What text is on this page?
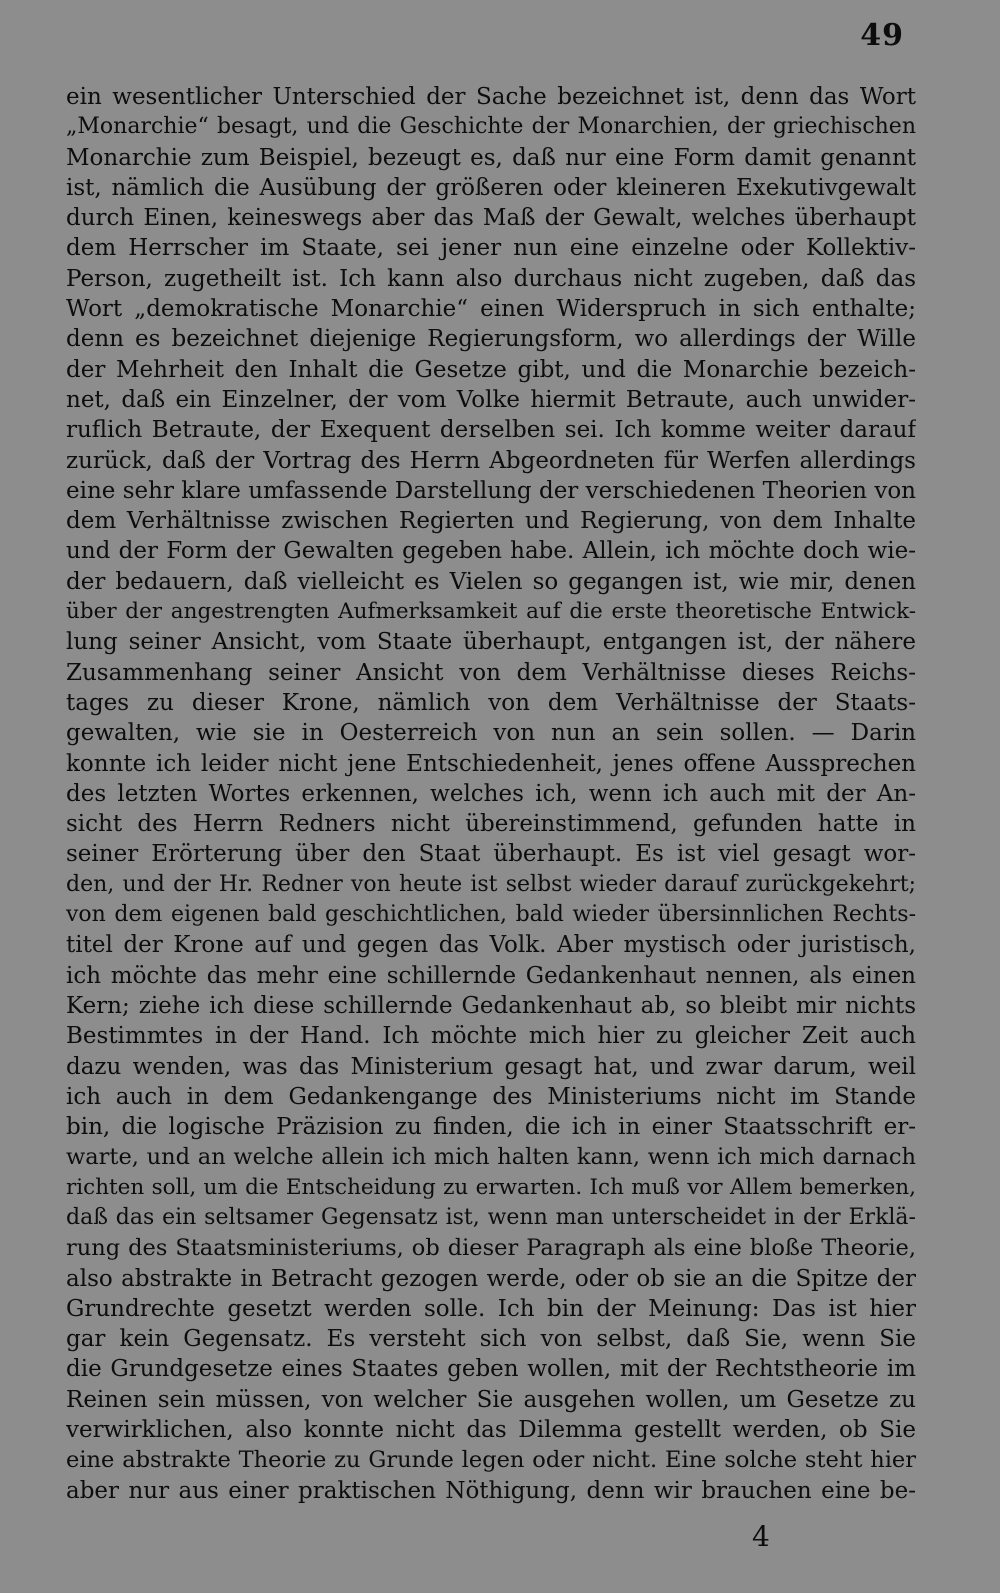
49
ein wesentlicher Unterschied der Sache bezeichnet ist, denn das Wort
„Monarchie“ besagt, und die Geschichte der Monarchien, der griechischen
Monarchie zum Beispiel, bezeugt es, daß nur eine Form damit genannt
ist, nämlich die Ausübung der größeren oder kleineren Exekutivgewalt
durch Einen, keineswegs aber das Maß der Gewalt, welches überhaupt
dem Herrscher im Staate, sei jener nun eine einzelne oder Kollektiv-
Person, zugetheilt ist. Ich kann also durchaus nicht zugeben, daß das
Wort „demokratische Monarchie“ einen Widerspruch in sich enthalte;
denn es bezeichnet diejenige Regierungsform, wo allerdings der Wille
der Mehrheit den Inhalt die Gesetze gibt, und die Monarchie bezeich-
net, daß ein Einzelner, der vom Volke hiermit Betraute, auch unwider-
ruflich Betraute, der Exequent derselben sei. Ich komme weiter darauf
zurück, daß der Vortrag des Herrn Abgeordneten für Werfen allerdings
eine sehr klare umfassende Darstellung der verschiedenen Theorien von
dem Verhältnisse zwischen Regierten und Regierung, von dem Inhalte
und der Form der Gewalten gegeben habe. Allein, ich möchte doch wie-
der bedauern, daß vielleicht es Vielen so gegangen ist, wie mir, denen
über der angestrengten Aufmerksamkeit auf die erste theoretische Entwick-
lung seiner Ansicht, vom Staate überhaupt, entgangen ist, der nähere
Zusammenhang seiner Ansicht von dem Verhältnisse dieses Reichs-
tages zu dieser Krone, nämlich von dem Verhältnisse der Staats-
gewalten, wie sie in Oesterreich von nun an sein sollen. — Darin
konnte ich leider nicht jene Entschiedenheit, jenes offene Aussprechen
des letzten Wortes erkennen, welches ich, wenn ich auch mit der An-
sicht des Herrn Redners nicht übereinstimmend, gefunden hatte in
seiner Erörterung über den Staat überhaupt. Es ist viel gesagt wor-
den, und der Hr. Redner von heute ist selbst wieder darauf zurückgekehrt;
von dem eigenen bald geschichtlichen, bald wieder übersinnlichen Rechts-
titel der Krone auf und gegen das Volk. Aber mystisch oder juristisch,
ich möchte das mehr eine schillernde Gedankenhaut nennen, als einen
Kern; ziehe ich diese schillernde Gedankenhaut ab, so bleibt mir nichts
Bestimmtes in der Hand. Ich möchte mich hier zu gleicher Zeit auch
dazu wenden, was das Ministerium gesagt hat, und zwar darum, weil
ich auch in dem Gedankengange des Ministeriums nicht im Stande
bin, die logische Präzision zu finden, die ich in einer Staatsschrift er-
warte, und an welche allein ich mich halten kann, wenn ich mich darnach
richten soll, um die Entscheidung zu erwarten. Ich muß vor Allem bemerken,
daß das ein seltsamer Gegensatz ist, wenn man unterscheidet in der Erklä-
rung des Staatsministeriums, ob dieser Paragraph als eine bloße Theorie,
also abstrakte in Betracht gezogen werde, oder ob sie an die Spitze der
Grundrechte gesetzt werden solle. Ich bin der Meinung: Das ist hier
gar kein Gegensatz. Es versteht sich von selbst, daß Sie, wenn Sie
die Grundgesetze eines Staates geben wollen, mit der Rechtstheorie im
Reinen sein müssen, von welcher Sie ausgehen wollen, um Gesetze zu
verwirklichen, also konnte nicht das Dilemma gestellt werden, ob Sie
eine abstrakte Theorie zu Grunde legen oder nicht. Eine solche steht hier
aber nur aus einer praktischen Nöthigung, denn wir brauchen eine be-
4
